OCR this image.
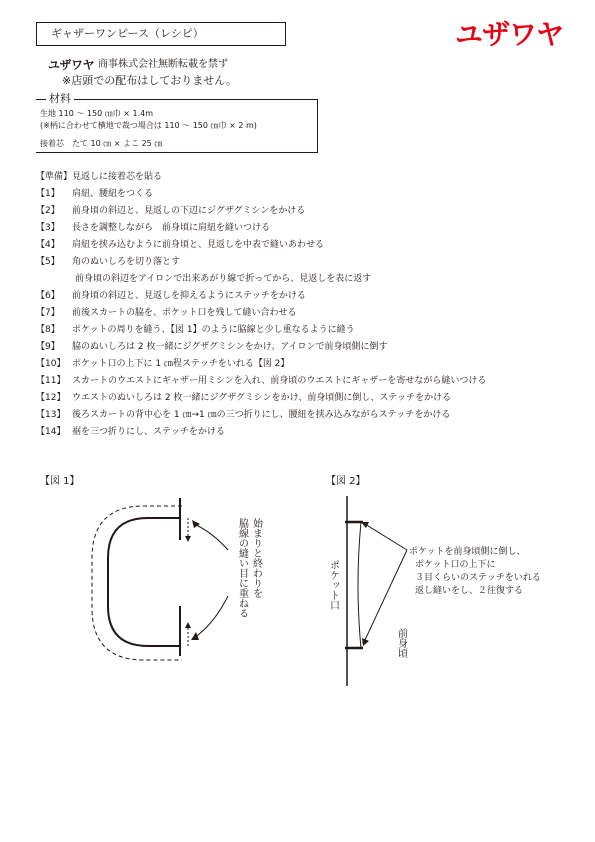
ギャザーワンピース（レシピ）	ユザワヤ
ユザワヤ 商事株式会社無断転載を禁ず
※店頭での配布はしておりません。
材料
生地 110 〜 150 ㎝巾 × 1.4m
(※柄に合わせて横地で裁つ場合は 110 〜 150 ㎝巾 × 2 m)
接着芯　たて 10 ㎝ × よこ 25 ㎝
【準備】見返しに接着芯を貼る
【1】	肩紐、腰紐をつくる
【2】	前身頃の斜辺と、見返しの下辺にジグザグミシンをかける
【3】	長さを調整しながら　前身頃に肩紐を縫いつける
【4】	肩紐を挟み込むように前身頃と、見返しを中表で縫いあわせる
【5】	角のぬいしろを切り落とす
前身頃の斜辺をアイロンで出来あがり線で折ってから、見返しを表に返す
【6】	前身頃の斜辺と、見返しを抑えるようにステッチをかける
【7】	前後スカートの脇を、ポケット口を残して縫い合わせる
【8】	ポケットの周りを縫う、【図 1】のように脇線と少し重なるように縫う
【9】	脇のぬいしろは 2 枚一緒にジグザグミシンをかけ、アイロンで前身頃側に倒す
【10】 ポケット口の上下に 1 ㎝程ステッチをいれる【図 2】
【11】 スカートのウエストにギャザー用ミシンを入れ、前身頃のウエストにギャザーを寄せながら縫いつける
【12】 ウエストのぬいしろは 2 枚一緒にジグザグミシンをかけ、前身頃側に倒し、ステッチをかける
【13】 後ろスカートの背中心を 1 ㎝→1 ㎝の三つ折りにし、腰紐を挟み込みながらステッチをかける
【14】 裾を三つ折りにし、ステッチをかける
【図 1】
始まりと終わりを
脇線の縫い目に重ねる
【図 2】
ポケット口
前身頃
ポケットを前身頃側に倒し、
ポケット口の上下に
３目くらいのステッチをいれる
返し縫いをし、２往復する
